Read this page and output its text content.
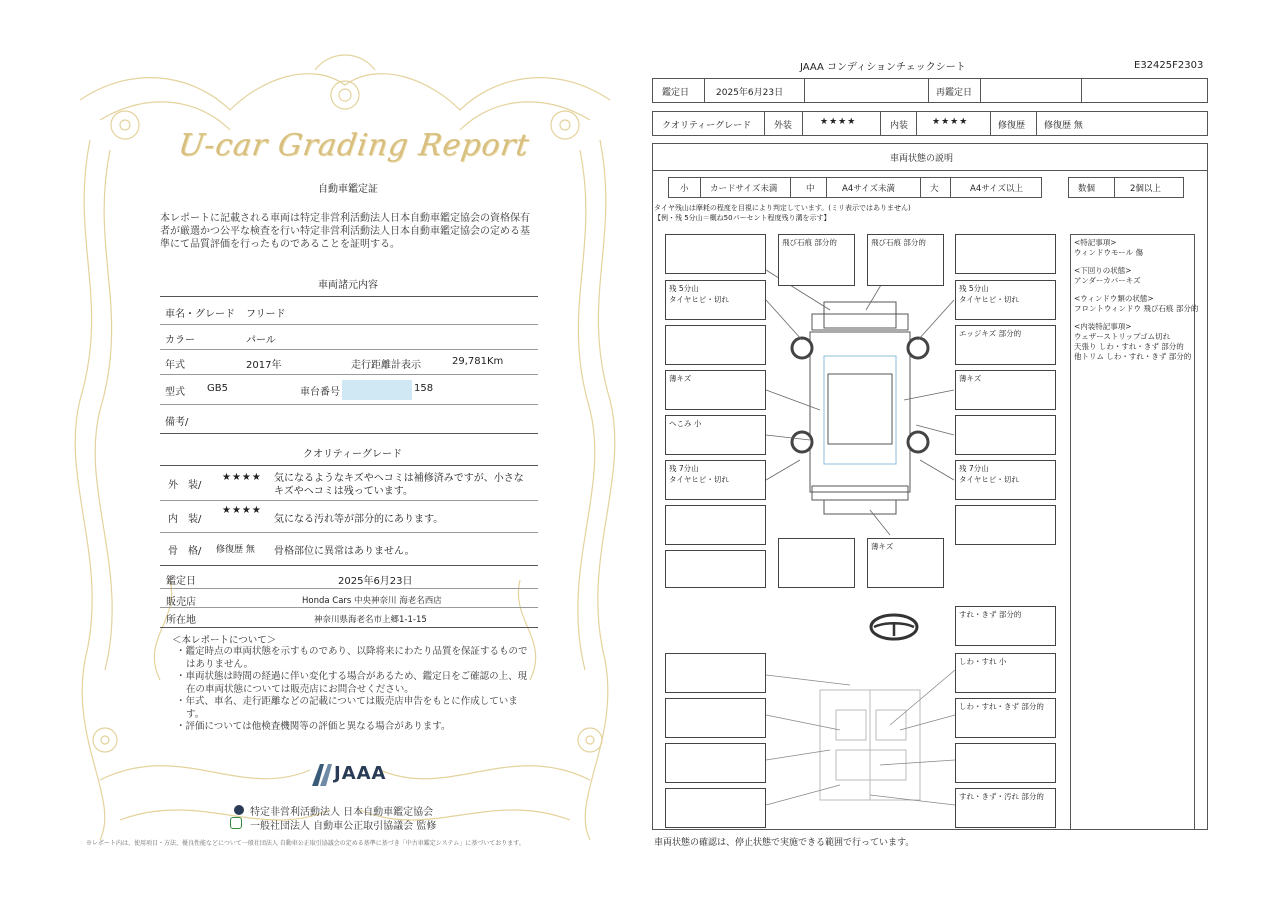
U-car Grading Report
自動車鑑定証
本レポートに記載される車両は特定非営利活動法人日本自動車鑑定協会の資格保有者が厳選かつ公平な検査を行い特定非営利活動法人日本自動車鑑定協会の定める基準にて品質評価を行ったものであることを証明する。
車両諸元内容
車名・グレード フリード
カラー	パール
年式	2017年	走行距離計表示	29,781Km
型式 GB5	車台番号	158
備考/
クオリティーグレード
外　装/
★★★★ 気になるようなキズやヘコミは補修済みですが、小さなキズやヘコミは残っています。
内　装/
★★★★
気になる汚れ等が部分的にあります。
骨　格/ 修復歴 無 骨格部位に異常はありません。
鑑定日	2025年6月23日
販売店	Honda Cars 中央神奈川 海老名西店
所在地	神奈川県海老名市上郷1-1-15
＜本レポートについて＞
・鑑定時点の車両状態を示すものであり、以降将来にわたり品質を保証するものではありません。
・車両状態は時間の経過に伴い変化する場合があるため、鑑定日をご確認の上、現在の車両状態については販売店にお問合せください。
・年式、車名、走行距離などの記載については販売店申告をもとに作成しています。
・評価については他検査機関等の評価と異なる場合があります。
JAAA
特定非営利活動法人 日本自動車鑑定協会
一般社団法人 自動車公正取引協議会 監修
※レポート内は、使用項目・方法、優良性能などについて一般社団法人 自動車公正取引協議会の定める基準に基づき「中古車鑑定システム」に基づいております。
JAAA コンディションチェックシート	E32425F2303
鑑定日	2025年6月23日	再鑑定日
クオリティーグレード	外装	★★★★	内装	★★★★	修復歴 修復歴 無
車両状態の説明
小	カードサイズ未満	中	A4サイズ未満	大	A4サイズ以上	数個	2個以上
タイヤ残山は摩耗の程度を目視により判定しています。(ミリ表示ではありません)
【例・残 5分山＝概ね50パーセント程度残り溝を示す】
飛び石痕 部分的	飛び石痕 部分的
残 5分山
タイヤヒビ・切れ
残 5分山
タイヤヒビ・切れ
エッジキズ 部分的
薄キズ	薄キズ
へこみ 小
残 7分山
タイヤヒビ・切れ
残 7分山
タイヤヒビ・切れ
薄キズ
<特記事項>
ウィンドウモール 傷
<下回りの状態>
アンダーカバーキズ
<ウィンドウ類の状態>
フロントウィンドウ 飛び石痕 部分的
<内装特記事項>
ウェザーストリップゴム切れ
天張り しわ・すれ・きず 部分的
他トリム しわ・すれ・きず 部分的
すれ・きず 部分的
しわ・すれ 小
しわ・すれ・きず 部分的
すれ・きず・汚れ 部分的
車両状態の確認は、停止状態で実施できる範囲で行っています。
